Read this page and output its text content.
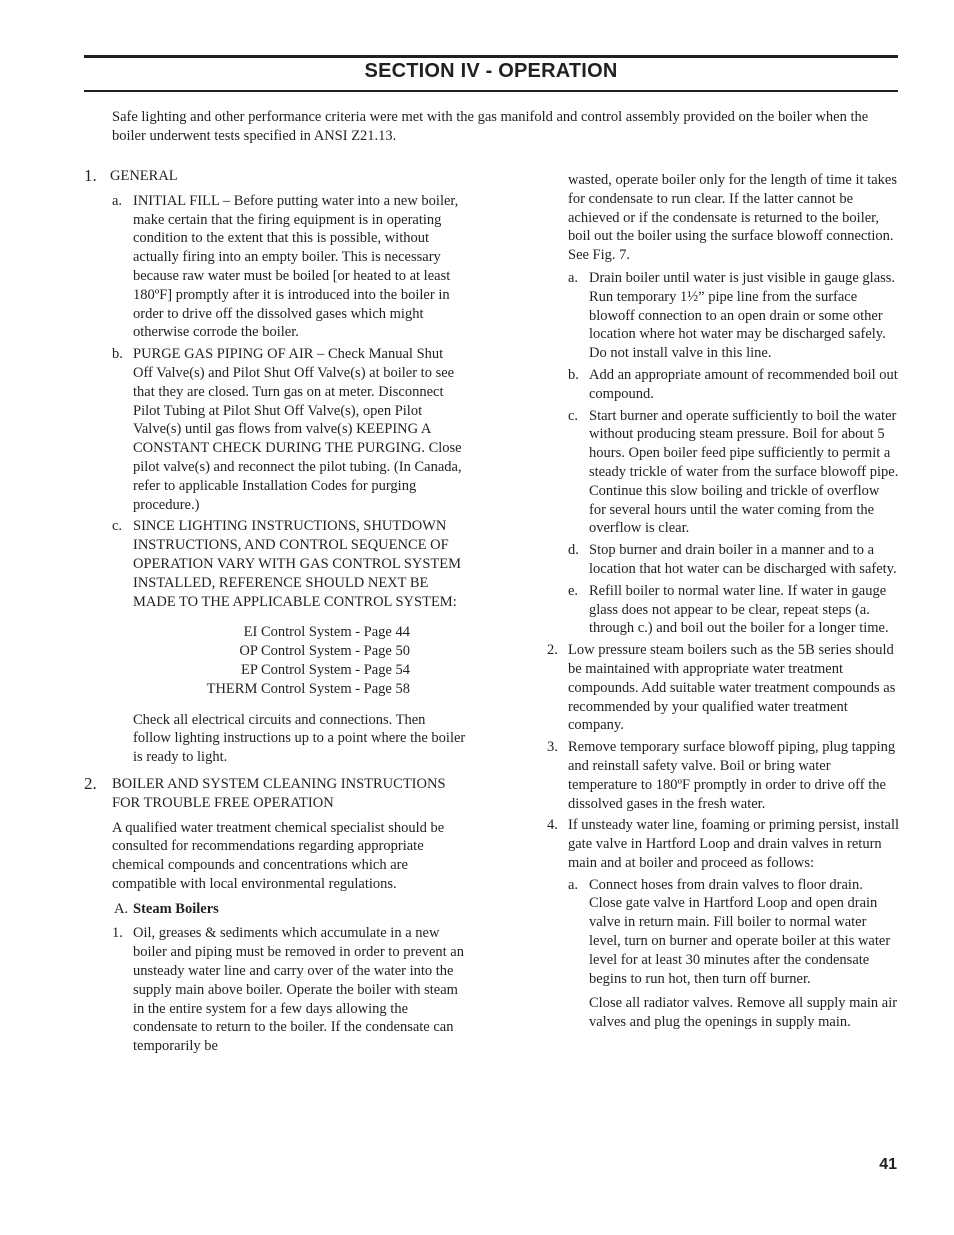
SECTION IV - OPERATION

Safe lighting and other performance criteria were met with the gas manifold and control assembly provided on the boiler when the boiler underwent tests specified in ANSI Z21.13.

1. GENERAL
a. INITIAL FILL – Before putting water into a new boiler, make certain that the firing equipment is in operating condition to the extent that this is possible, without actually firing into an empty boiler. This is necessary because raw water must be boiled [or heated to at least 180ºF] promptly after it is introduced into the boiler in order to drive off the dissolved gases which might otherwise corrode the boiler.

b. PURGE GAS PIPING OF AIR – Check Manual Shut Off Valve(s) and Pilot Shut Off Valve(s) at boiler to see that they are closed. Turn gas on at meter. Disconnect Pilot Tubing at Pilot Shut Off Valve(s), open Pilot Valve(s) until gas flows from valve(s) KEEPING A CONSTANT CHECK DURING THE PURGING. Close pilot valve(s) and reconnect the pilot tubing. (In Canada, refer to applicable Installation Codes for purging procedure.)

c. SINCE LIGHTING INSTRUCTIONS, SHUTDOWN INSTRUCTIONS, AND CONTROL SEQUENCE OF OPERATION VARY WITH GAS CONTROL SYSTEM INSTALLED, REFERENCE SHOULD NEXT BE MADE TO THE APPLICABLE CONTROL SYSTEM:

EI Control System - Page 44
OP Control System - Page 50
EP Control System - Page 54
THERM Control System - Page 58

Check all electrical circuits and connections. Then follow lighting instructions up to a point where the boiler is ready to light.

2. BOILER AND SYSTEM CLEANING INSTRUCTIONS FOR TROUBLE FREE OPERATION

A qualified water treatment chemical specialist should be consulted for recommendations regarding appropriate chemical compounds and concentrations which are compatible with local environmental regulations.

A. Steam Boilers
1. Oil, greases & sediments which accumulate in a new boiler and piping must be removed in order to prevent an unsteady water line and carry over of the water into the supply main above boiler. Operate the boiler with steam in the entire system for a few days allowing the condensate to return to the boiler. If the condensate can temporarily be

wasted, operate boiler only for the length of time it takes for condensate to run clear. If the latter cannot be achieved or if the condensate is returned to the boiler, boil out the boiler using the surface blowoff connection. See Fig. 7.

a. Drain boiler until water is just visible in gauge glass. Run temporary 1½” pipe line from the surface blowoff connection to an open drain or some other location where hot water may be discharged safely. Do not install valve in this line.

b. Add an appropriate amount of recommended boil out compound.

c. Start burner and operate sufficiently to boil the water without producing steam pressure. Boil for about 5 hours. Open boiler feed pipe sufficiently to permit a steady trickle of water from the surface blowoff pipe. Continue this slow boiling and trickle of overflow for several hours until the water coming from the overflow is clear.

d. Stop burner and drain boiler in a manner and to a location that hot water can be discharged with safety.

e. Refill boiler to normal water line. If water in gauge glass does not appear to be clear, repeat steps (a. through c.) and boil out the boiler for a longer time.

2. Low pressure steam boilers such as the 5B series should be maintained with appropriate water treatment compounds. Add suitable water treatment compounds as recommended by your qualified water treatment company.

3. Remove temporary surface blowoff piping, plug tapping and reinstall safety valve. Boil or bring water temperature to 180ºF promptly in order to drive off the dissolved gases in the fresh water.

4. If unsteady water line, foaming or priming persist, install gate valve in Hartford Loop and drain valves in return main and at boiler and proceed as follows:

a. Connect hoses from drain valves to floor drain. Close gate valve in Hartford Loop and open drain valve in return main. Fill boiler to normal water level, turn on burner and operate boiler at this water level for at least 30 minutes after the condensate begins to run hot, then turn off burner.

Close all radiator valves. Remove all supply main air valves and plug the openings in supply main.

41
